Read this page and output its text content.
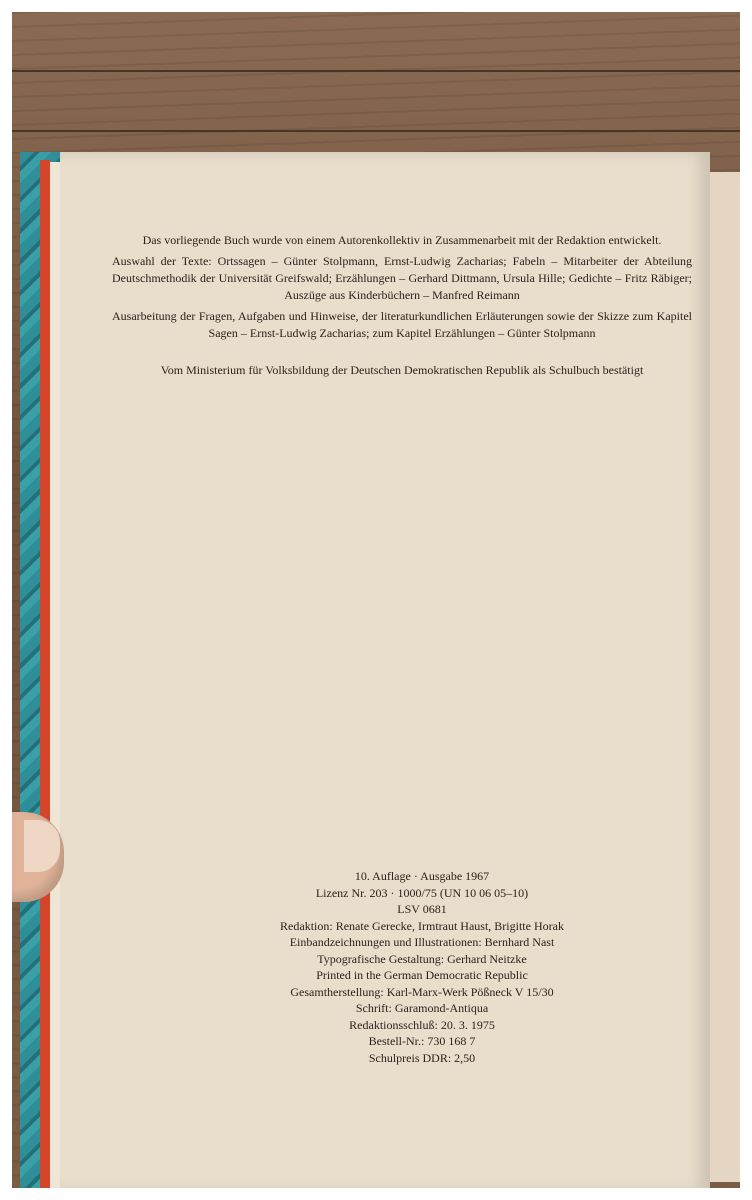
Das vorliegende Buch wurde von einem Autorenkollektiv in Zusammenarbeit mit der Redaktion entwickelt.

Auswahl der Texte: Ortssagen – Günter Stolpmann, Ernst-Ludwig Zacharias; Fabeln – Mitarbeiter der Abteilung Deutschmethodik der Universität Greifswald; Erzählungen – Gerhard Dittmann, Ursula Hille; Gedichte – Fritz Räbiger; Auszüge aus Kinderbüchern – Manfred Reimann

Ausarbeitung der Fragen, Aufgaben und Hinweise, der literaturkundlichen Erläuterungen sowie der Skizze zum Kapitel Sagen – Ernst-Ludwig Zacharias; zum Kapitel Erzählungen – Günter Stolpmann

Vom Ministerium für Volksbildung der Deutschen Demokratischen Republik als Schulbuch bestätigt

10. Auflage · Ausgabe 1967

Lizenz Nr. 203 · 1000/75 (UN 10 06 05–10)

LSV 0681

Redaktion: Renate Gerecke, Irmtraut Haust, Brigitte Horak

Einbandzeichnungen und Illustrationen: Bernhard Nast

Typografische Gestaltung: Gerhard Neitzke

Printed in the German Democratic Republic

Gesamtherstellung: Karl-Marx-Werk Pößneck V 15/30

Schrift: Garamond-Antiqua

Redaktionsschluß: 20. 3. 1975

Bestell-Nr.: 730 168 7

Schulpreis DDR: 2,50
